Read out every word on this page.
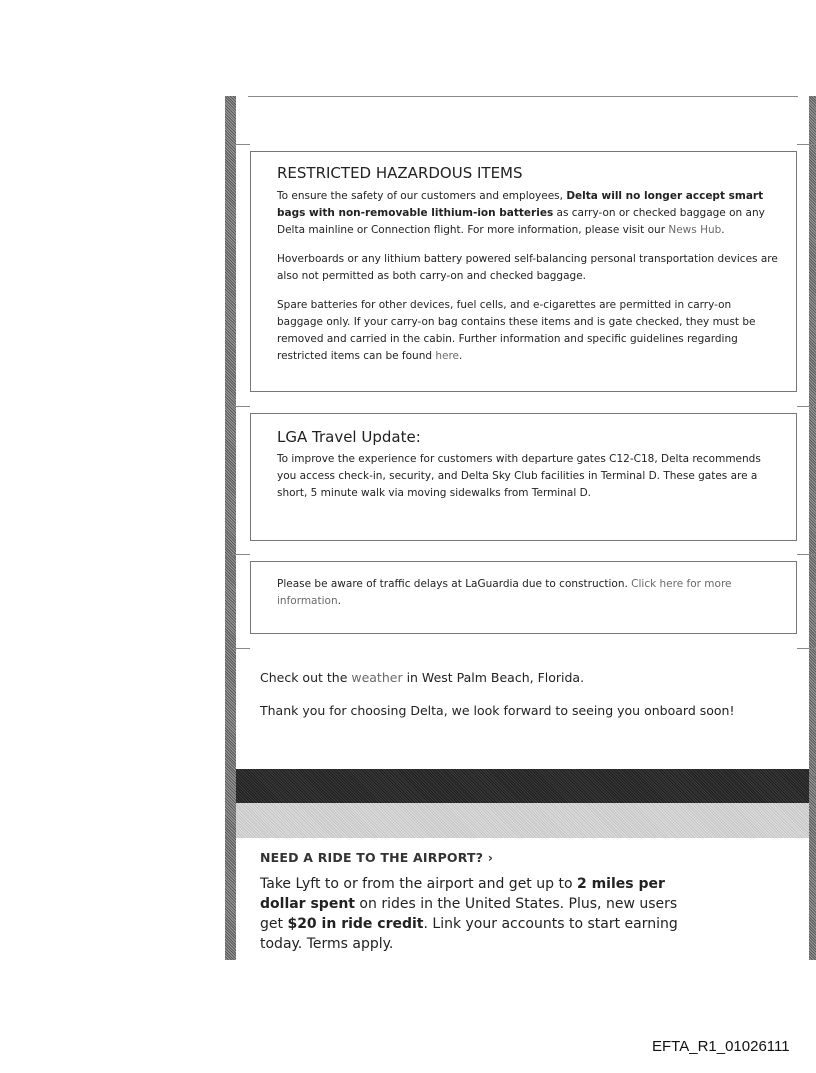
RESTRICTED HAZARDOUS ITEMS

To ensure the safety of our customers and employees, Delta will no longer accept smart bags with non-removable lithium-ion batteries as carry-on or checked baggage on any Delta mainline or Connection flight. For more information, please visit our News Hub.

Hoverboards or any lithium battery powered self-balancing personal transportation devices are also not permitted as both carry-on and checked baggage.

Spare batteries for other devices, fuel cells, and e-cigarettes are permitted in carry-on baggage only. If your carry-on bag contains these items and is gate checked, they must be removed and carried in the cabin. Further information and specific guidelines regarding restricted items can be found here.

LGA Travel Update:

To improve the experience for customers with departure gates C12-C18, Delta recommends you access check-in, security, and Delta Sky Club facilities in Terminal D. These gates are a short, 5 minute walk via moving sidewalks from Terminal D.

Please be aware of traffic delays at LaGuardia due to construction. Click here for more information.

Check out the weather in West Palm Beach, Florida.
Thank you for choosing Delta, we look forward to seeing you onboard soon!
NEED A RIDE TO THE AIRPORT? ›
Take Lyft to or from the airport and get up to 2 miles per dollar spent on rides in the United States. Plus, new users get $20 in ride credit. Link your accounts to start earning today. Terms apply.
EFTA_R1_01026111
